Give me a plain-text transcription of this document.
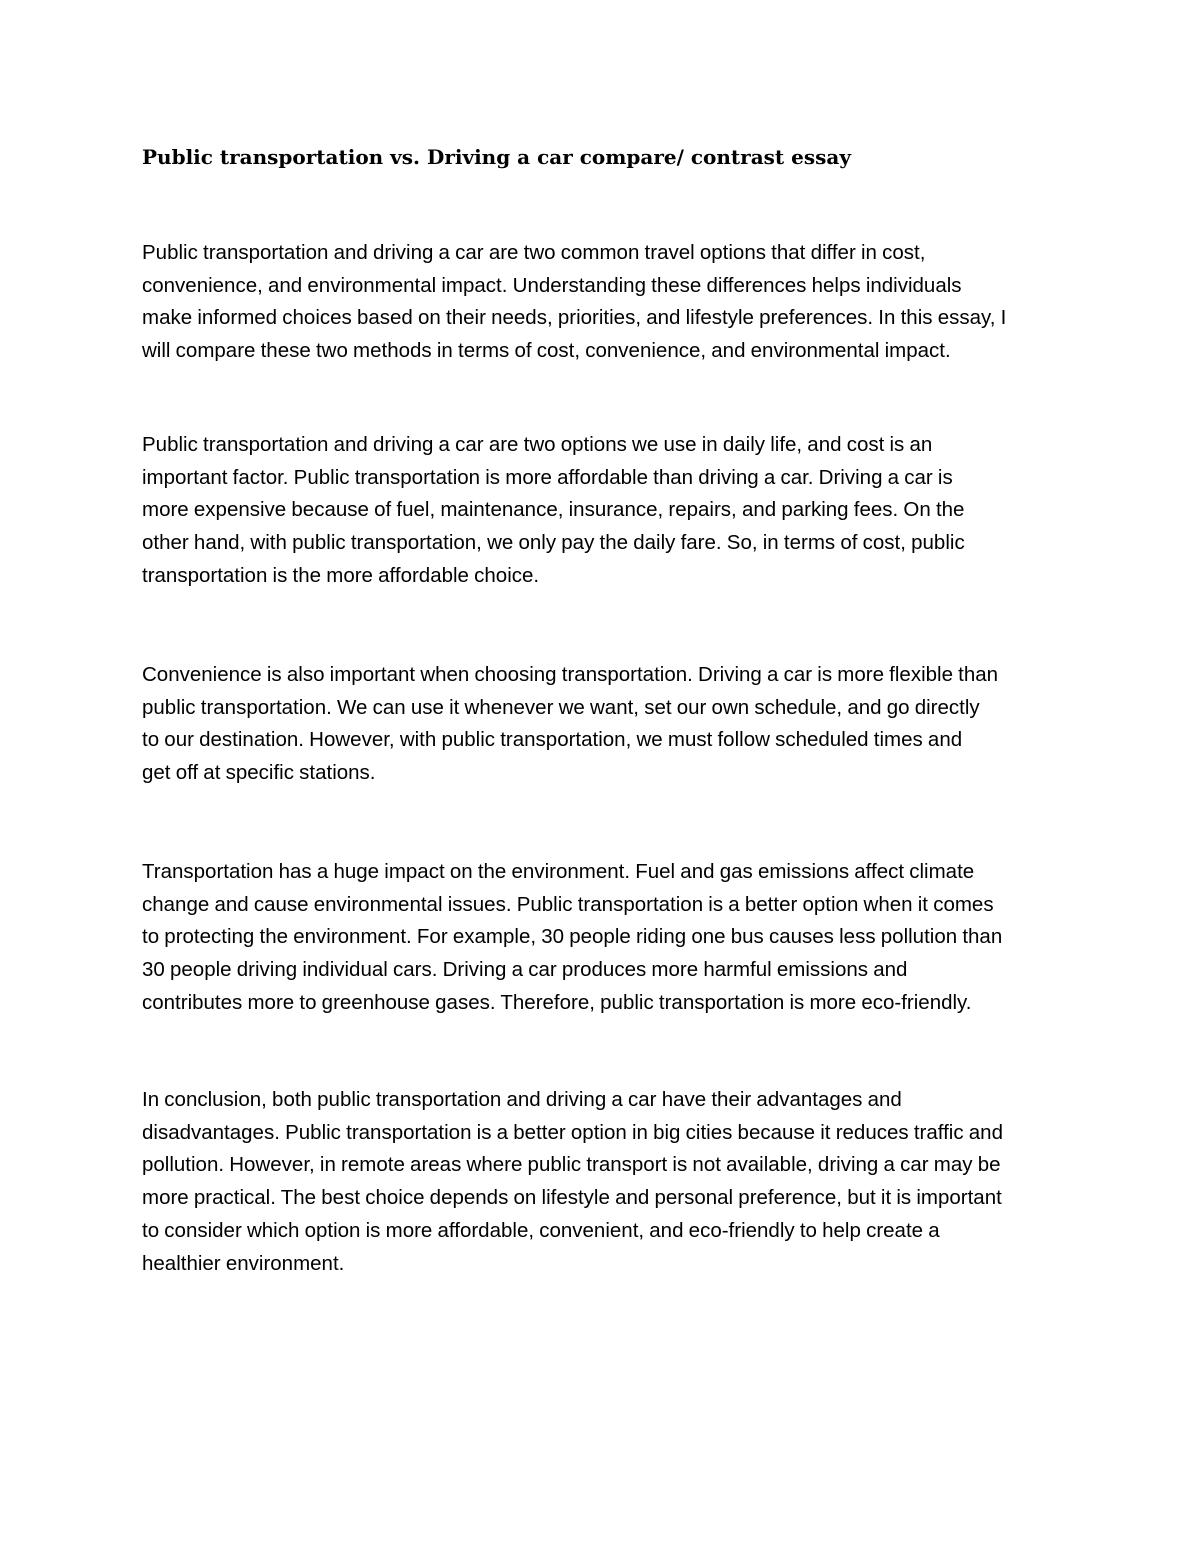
Public transportation vs. Driving a car compare/ contrast essay

Public transportation and driving a car are two common travel options that differ in cost,
convenience, and environmental impact. Understanding these differences helps individuals
make informed choices based on their needs, priorities, and lifestyle preferences. In this essay, I
will compare these two methods in terms of cost, convenience, and environmental impact.

Public transportation and driving a car are two options we use in daily life, and cost is an
important factor. Public transportation is more affordable than driving a car. Driving a car is
more expensive because of fuel, maintenance, insurance, repairs, and parking fees. On the
other hand, with public transportation, we only pay the daily fare. So, in terms of cost, public
transportation is the more affordable choice.

Convenience is also important when choosing transportation. Driving a car is more flexible than
public transportation. We can use it whenever we want, set our own schedule, and go directly
to our destination. However, with public transportation, we must follow scheduled times and
get off at specific stations.

Transportation has a huge impact on the environment. Fuel and gas emissions affect climate
change and cause environmental issues. Public transportation is a better option when it comes
to protecting the environment. For example, 30 people riding one bus causes less pollution than
30 people driving individual cars. Driving a car produces more harmful emissions and
contributes more to greenhouse gases. Therefore, public transportation is more eco-friendly.

In conclusion, both public transportation and driving a car have their advantages and
disadvantages. Public transportation is a better option in big cities because it reduces traffic and
pollution. However, in remote areas where public transport is not available, driving a car may be
more practical. The best choice depends on lifestyle and personal preference, but it is important
to consider which option is more affordable, convenient, and eco-friendly to help create a
healthier environment.
